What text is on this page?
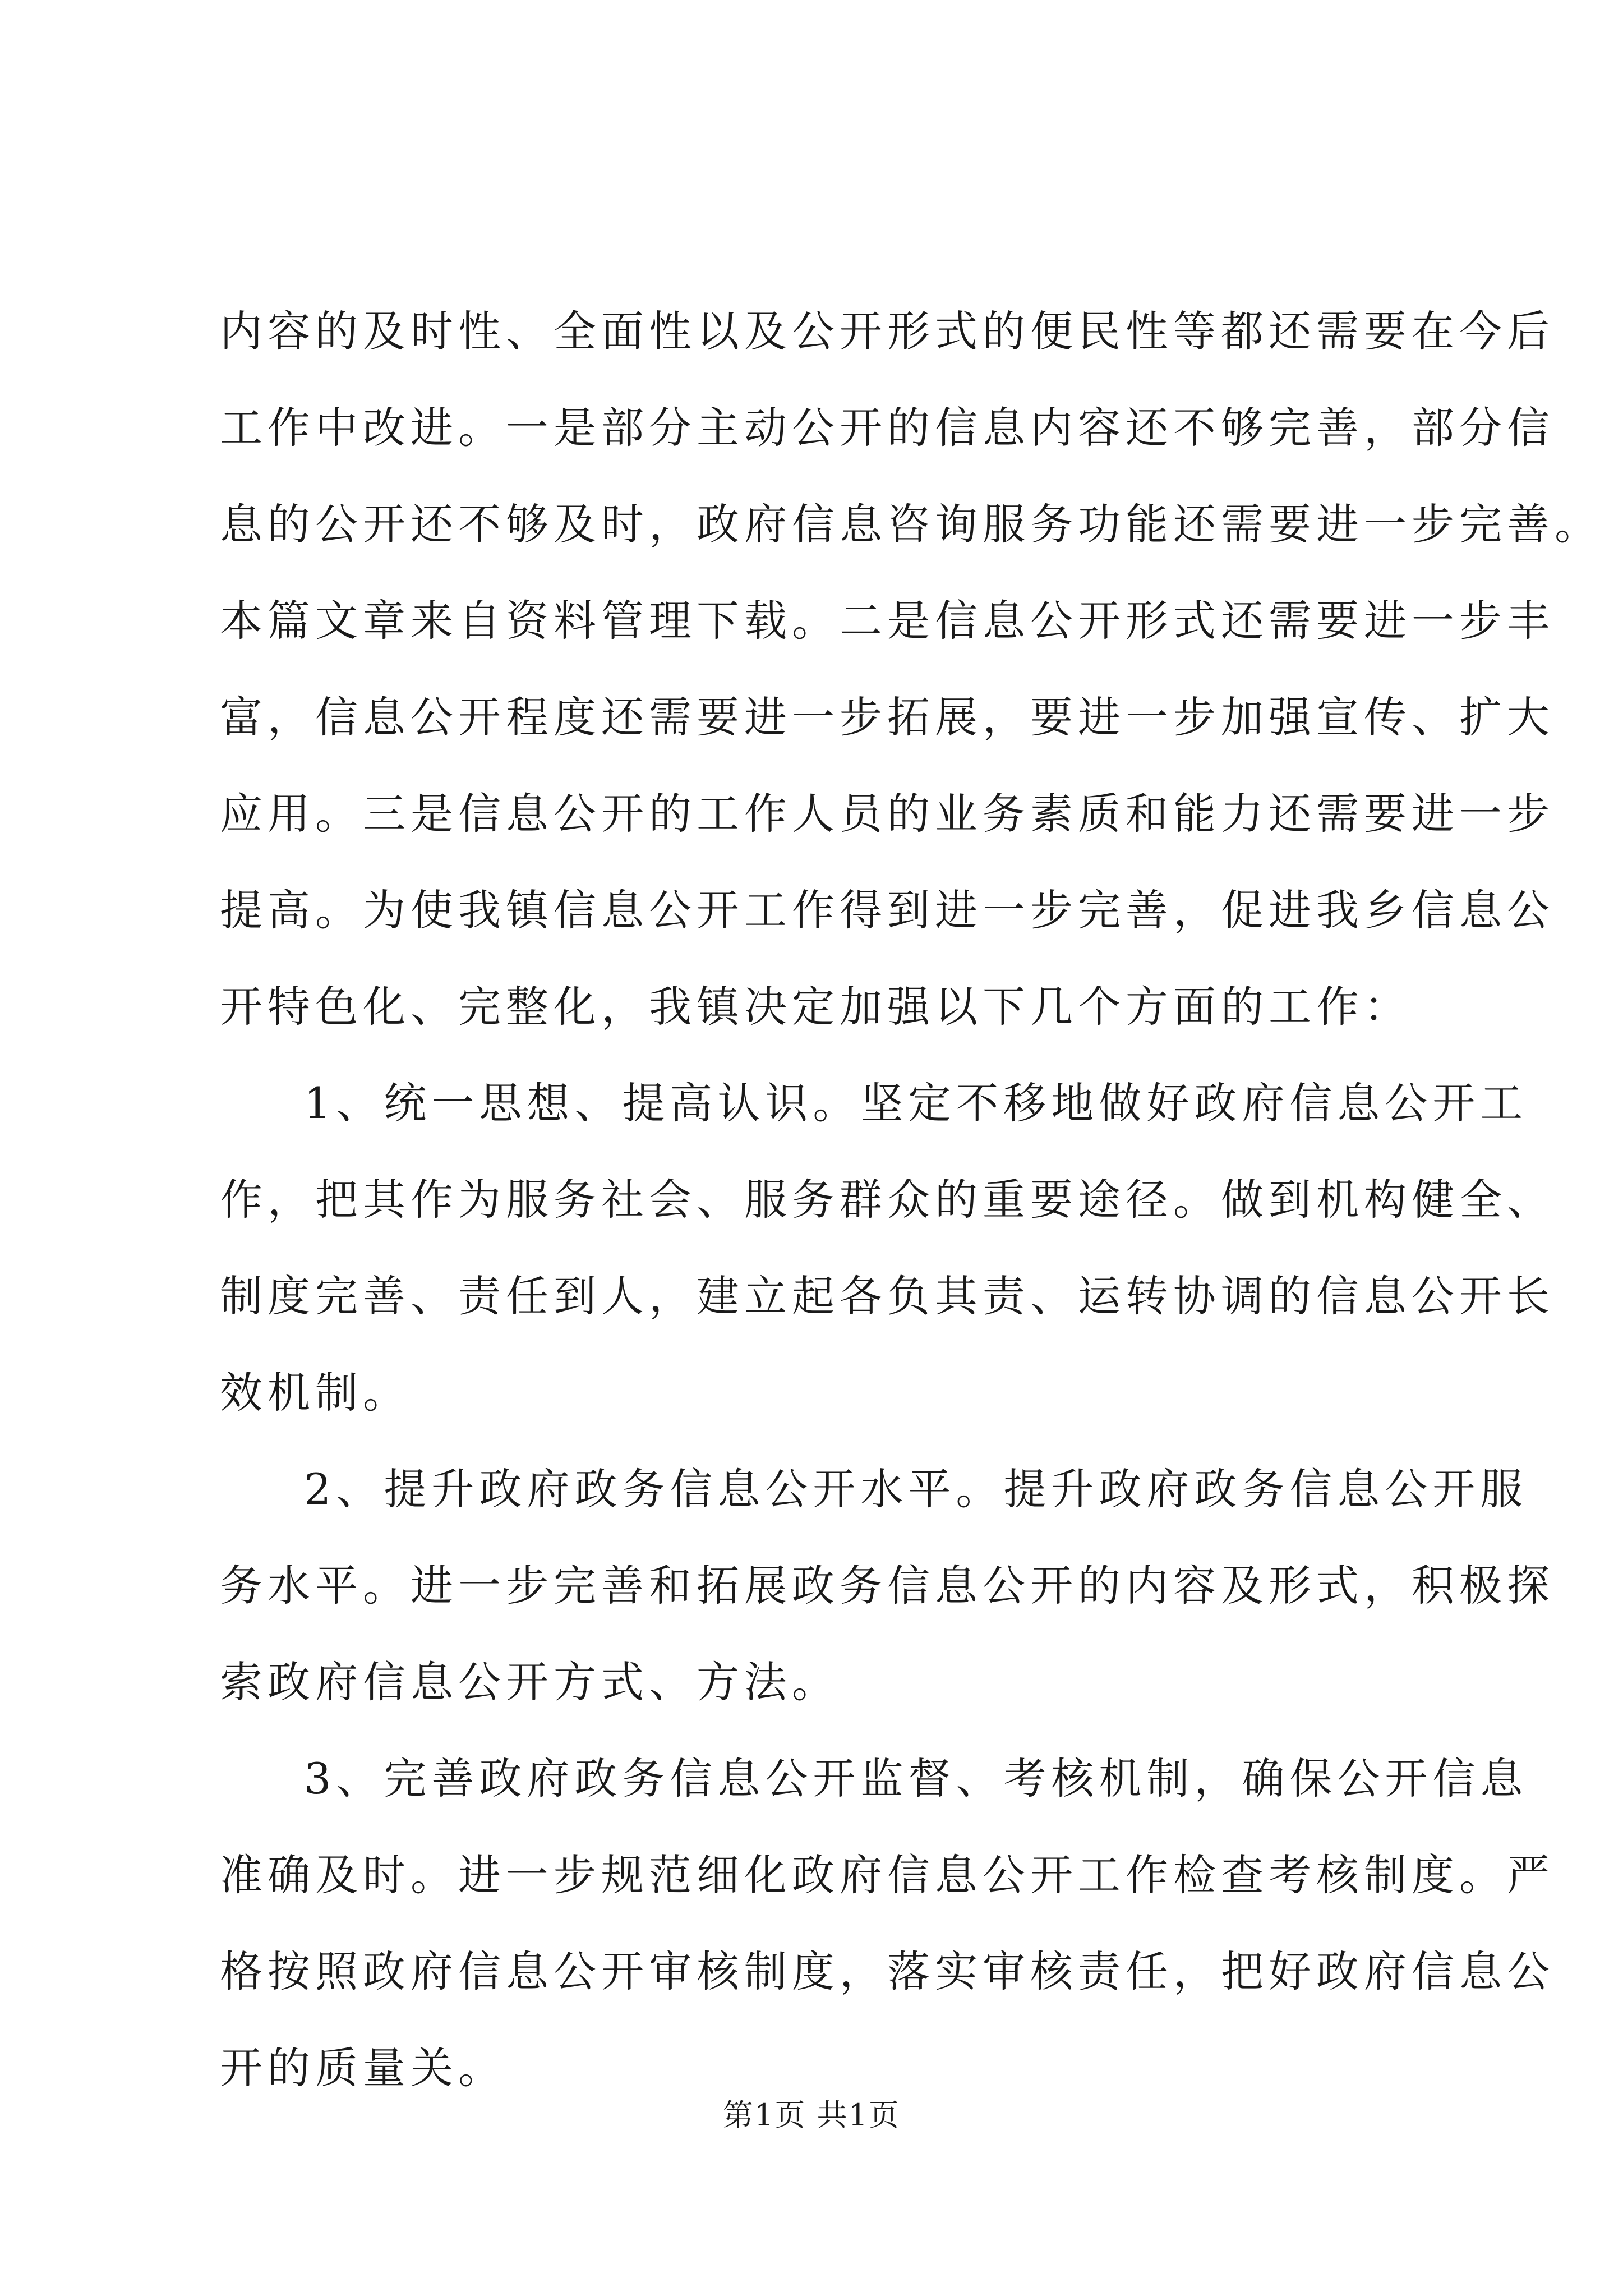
内容的及时性、全面性以及公开形式的便民性等都还需要在今后
工作中改进。一是部分主动公开的信息内容还不够完善，部分信
息的公开还不够及时，政府信息咨询服务功能还需要进一步完善。
本篇文章来自资料管理下载。二是信息公开形式还需要进一步丰
富，信息公开程度还需要进一步拓展，要进一步加强宣传、扩大
应用。三是信息公开的工作人员的业务素质和能力还需要进一步
提高。为使我镇信息公开工作得到进一步完善，促进我乡信息公
开特色化、完整化，我镇决定加强以下几个方面的工作：
1、统一思想、提高认识。坚定不移地做好政府信息公开工
作，把其作为服务社会、服务群众的重要途径。做到机构健全、
制度完善、责任到人，建立起各负其责、运转协调的信息公开长
效机制。
2、提升政府政务信息公开水平。提升政府政务信息公开服
务水平。进一步完善和拓展政务信息公开的内容及形式，积极探
索政府信息公开方式、方法。
3、完善政府政务信息公开监督、考核机制，确保公开信息
准确及时。进一步规范细化政府信息公开工作检查考核制度。严
格按照政府信息公开审核制度，落实审核责任，把好政府信息公
开的质量关。
第1页 共1页
